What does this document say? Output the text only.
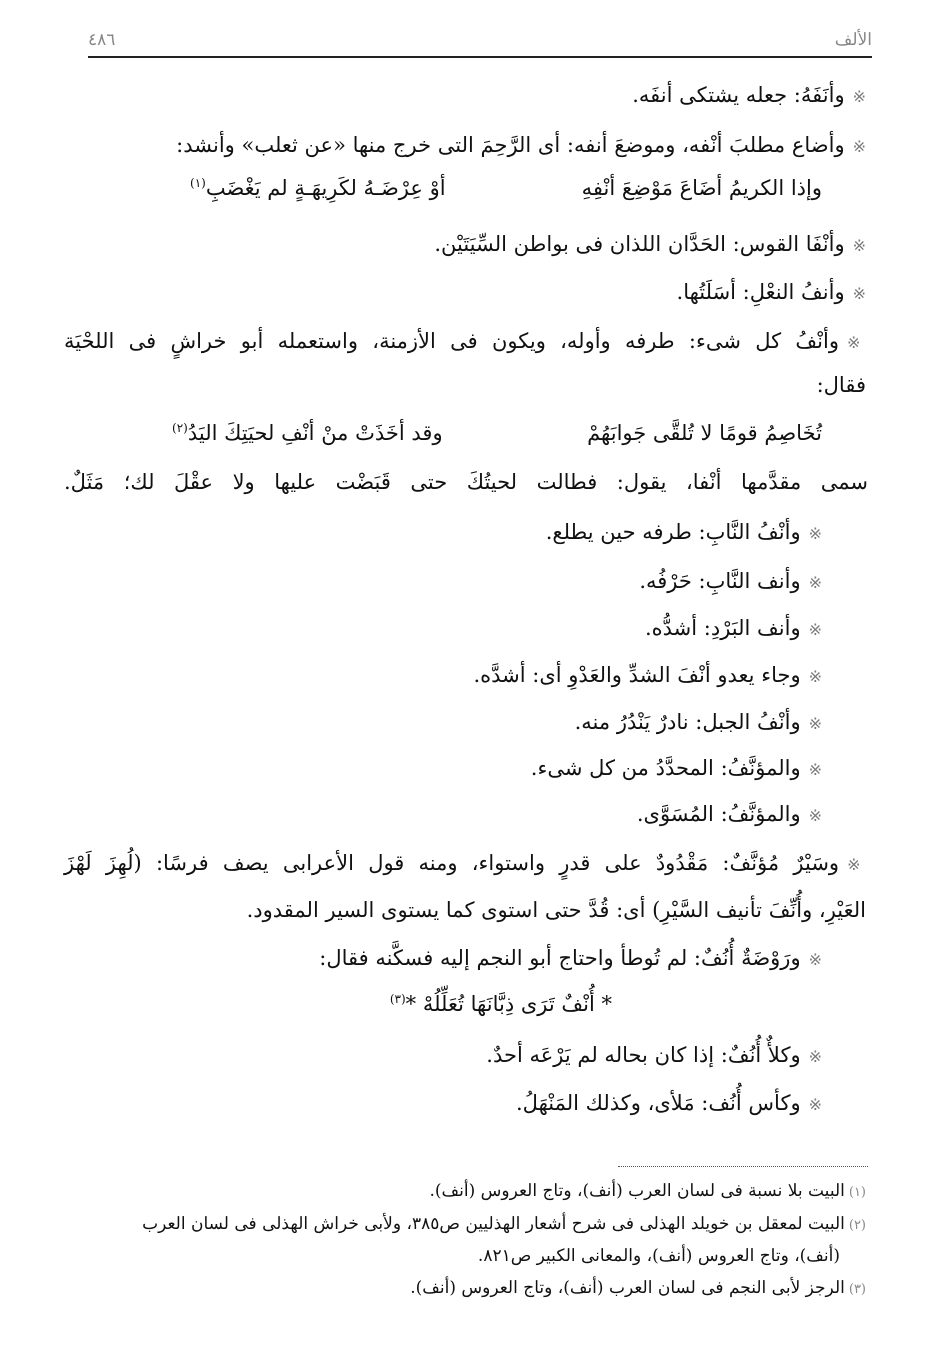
الألف
٤٨٦
※وأنَفَهُ: جعله يشتكى أنفَه.
※وأضاع مطلبَ أنْفه، وموضعَ أنفه: أى الرَّحِمَ التى خرج منها «عن ثعلب» وأنشد:
وإذا الكريمُ أضَاعَ مَوْضِعَ أنْفِهِ
أوْ عِرْضَـهُ لكَرِيهَـةٍ لم يَغْضَبِ$^{(١)}$
※وأنْفَا القوس: الحَدَّان اللذان فى بواطن السِّيَتَيْن.
※وأنفُ النعْلِ: أسَلَتُها.
※وأنْفُ كل شىء: طرفه وأوله، ويكون فى الأزمنة، واستعمله أبو خراشٍ فى اللحْيَة
فقال:
تُخَاصِمُ قومًا لا تُلقَّى جَوابَهُمْ
وقد أخَذَتْ منْ أنْفِ لحيَتِكَ اليَدُ$^{(٢)}$
سمى مقدَّمها أنْفا، يقول: فطالت لحيتُكَ حتى قَبَضْت عليها ولا عقْلَ لك؛ مَثَلٌ.
※وأنْفُ النَّابِ: طرفه حين يطلع.
※وأنف النَّابِ: حَرْفُه.
※وأنف البَرْدِ: أشدُّه.
※وجاء يعدو أنْفَ الشدِّ والعَدْوِ أى: أشدَّه.
※وأنْفُ الجبل: نادرٌ يَنْدُرُ منه.
※والمؤنَّفُ: المحدَّدُ من كل شىء.
※والمؤنَّفُ: المُسَوَّى.
※وسَيْرٌ مُؤنَّفٌ: مَقْدُودٌ على قدرٍ واستواء، ومنه قول الأعرابى يصف فرسًا: (لُهِزَ لَهْزَ
العَيْرِ، وأُنِّفَ تأنيف السَّيْرِ) أى: قُدَّ حتى استوى كما يستوى السير المقدود.
※ورَوْضَةٌ أُنُفٌ: لم تُوطأ واحتاج أبو النجم إليه فسكَّنه فقال:
* أُنْفٌ تَرَى ذِبَّانَهَا تُعَلِّلُهْ *$^{(٣)}$
※وكلأٌ أُنُفٌ: إذا كان بحاله لم يَرْعَه أحدٌ.
※وكأس أُنُف: مَلأى، وكذلك المَنْهَلُ.
(١)البيت بلا نسبة فى لسان العرب (أنف)، وتاج العروس (أنف).
(٢)البيت لمعقل بن خويلد الهذلى فى شرح أشعار الهذليين ص٣٨٥، ولأبى خراش الهذلى فى لسان العرب
(أنف)، وتاج العروس (أنف)، والمعانى الكبير ص٨٢١.
(٣)الرجز لأبى النجم فى لسان العرب (أنف)، وتاج العروس (أنف).
